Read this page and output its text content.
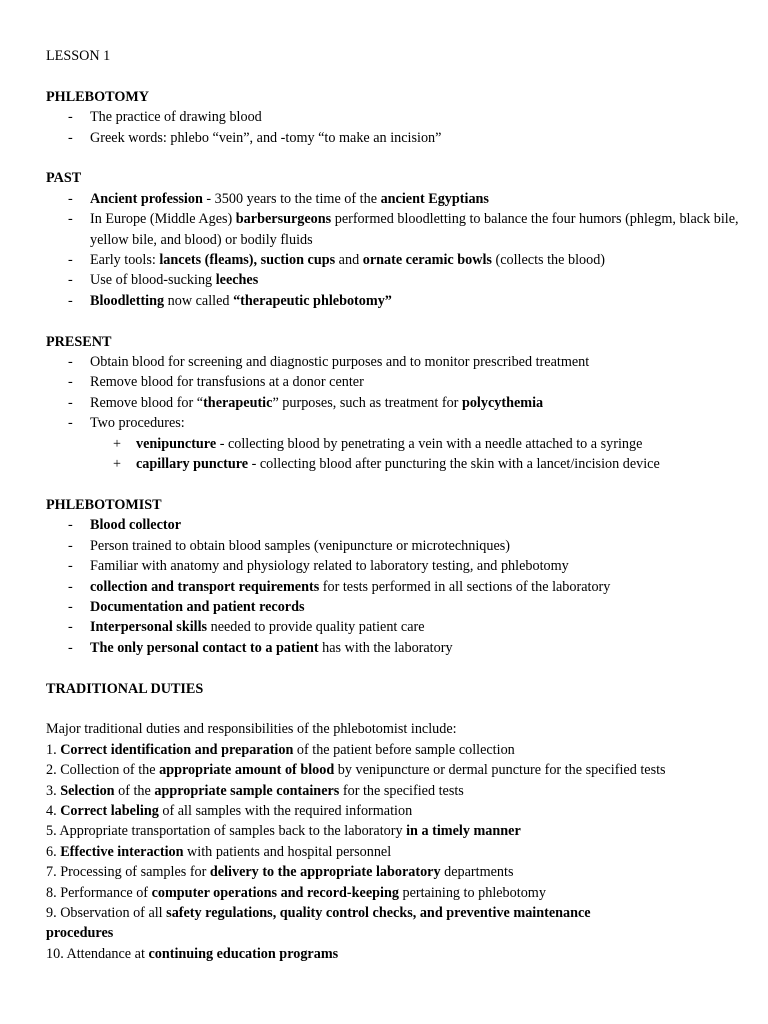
LESSON 1
PHLEBOTOMY
- The practice of drawing blood
- Greek words: phlebo “vein”, and -tomy “to make an incision”
PAST
- Ancient profession - 3500 years to the time of the ancient Egyptians
- In Europe (Middle Ages) barbersurgeons performed bloodletting to balance the four humors (phlegm, black bile, yellow bile, and blood) or bodily fluids
- Early tools: lancets (fleams), suction cups and ornate ceramic bowls (collects the blood)
- Use of blood-sucking leeches
- Bloodletting now called “therapeutic phlebotomy”
PRESENT
- Obtain blood for screening and diagnostic purposes and to monitor prescribed treatment
- Remove blood for transfusions at a donor center
- Remove blood for “therapeutic” purposes, such as treatment for polycythemia
- Two procedures:
+ venipuncture - collecting blood by penetrating a vein with a needle attached to a syringe
+ capillary puncture - collecting blood after puncturing the skin with a lancet/incision device
PHLEBOTOMIST
- Blood collector
- Person trained to obtain blood samples (venipuncture or microtechniques)
- Familiar with anatomy and physiology related to laboratory testing, and phlebotomy
- collection and transport requirements for tests performed in all sections of the laboratory
- Documentation and patient records
- Interpersonal skills needed to provide quality patient care
- The only personal contact to a patient has with the laboratory
TRADITIONAL DUTIES
Major traditional duties and responsibilities of the phlebotomist include:
1. Correct identification and preparation of the patient before sample collection
2. Collection of the appropriate amount of blood by venipuncture or dermal puncture for the specified tests
3. Selection of the appropriate sample containers for the specified tests
4. Correct labeling of all samples with the required information
5. Appropriate transportation of samples back to the laboratory in a timely manner
6. Effective interaction with patients and hospital personnel
7. Processing of samples for delivery to the appropriate laboratory departments
8. Performance of computer operations and record-keeping pertaining to phlebotomy
9. Observation of all safety regulations, quality control checks, and preventive maintenance procedures
10. Attendance at continuing education programs
